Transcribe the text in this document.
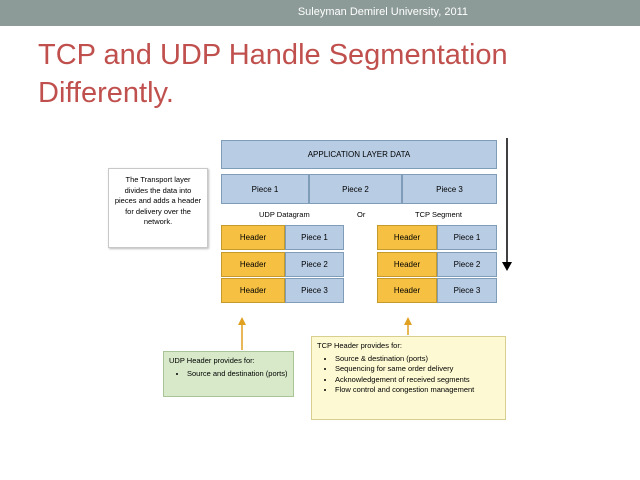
Suleyman Demirel University, 2011
TCP and UDP Handle Segmentation Differently.
APPLICATION LAYER DATA
Piece 1	Piece 2	Piece 3
UDP Datagram	Or	TCP Segment
Header	Piece 1
Header	Piece 2
Header	Piece 3
Header	Piece 1
Header	Piece 2
Header	Piece 3
The Transport layer divides the data into pieces and adds a header for delivery over the network.
UDP Header provides for:
• Source and destination (ports)
TCP Header provides for:
• Source & destination (ports)
• Sequencing for same order delivery
• Acknowledgement of received segments
• Flow control and congestion management
